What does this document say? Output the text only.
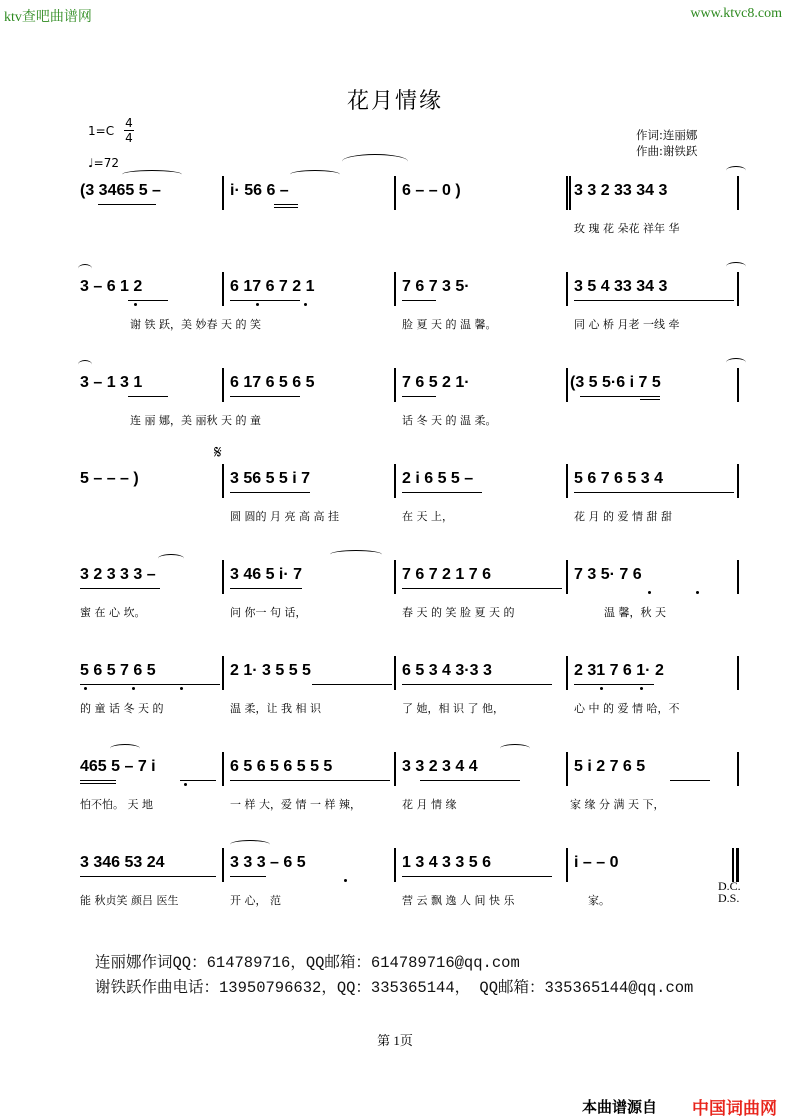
ktv查吧曲谱网	www.ktvc8.com
花月情缘
1=C
4
4
♩=72
作词:连丽娜
作曲:谢铁跃
(3 3465 5 –	i· 56 6 –	6 – – 0 )	3 3 2 33 34 3
玫 瑰 花 朵花 祥年 华
3 – 6 1 2	6 17 6 7 2 1	7 6 7 3 5·	3 5 4 33 34 3
谢 铁 跃，美 妙春 天 的 笑	脸 夏 天 的 温 馨。	同 心 桥 月老 一线 牵
3 – 1 3 1	6 17 6 5 6 5	7 6 5 2 1·	(3 5 5·6 i 7 5
连 丽 娜，美 丽秋 天 的 童	话 冬 天 的 温 柔。
𝄋
5 – – – )	3 56 5 5 i 7	2 i 6 5 5 –	5 6 7 6 5 3 4
圆 圆的 月 亮 高 高 挂	在 天 上，	花 月 的 爱 情 甜 甜
3 2 3 3 3 –	3 46 5 i· 7	7 6 7 2 1 7 6	7 3 5· 7 6
蜜 在 心 坎。	问 你一 句 话，	春 天 的 笑 脸 夏 天 的	温 馨，秋 天
5 6 5 7 6 5	2 1· 3 5 5 5	6 5 3 4 3·3 3	2 31 7 6 1· 2
的 童 话 冬 天 的	温 柔，让 我 相 识	了 她，相 识 了 他，	心 中 的 爱 情 哈，不
465 5 – 7 i	6 5 6 5 6 5 5 5	3 3 2 3 4 4	5 i 2 7 6 5
怕不怕。 天 地	一 样 大，爱 情 一 样 辣，	花 月 情 缘	家 缘 分 满 天 下，
3 346 53 24	3 3 3 – 6 5	1 3 4 3 3 5 6	i – – 0
D.C.
D.S.
能 秋贞笑 颜吕 医生	开 心， 范	营 云 飘 逸 人 间 快 乐	家。
连丽娜作词QQ：614789716，QQ邮箱：614789716@qq.com
谢铁跃作曲电话：13950796632，QQ：335365144， QQ邮箱：335365144@qq.com
第 1页
本曲谱源自 中国词曲网
